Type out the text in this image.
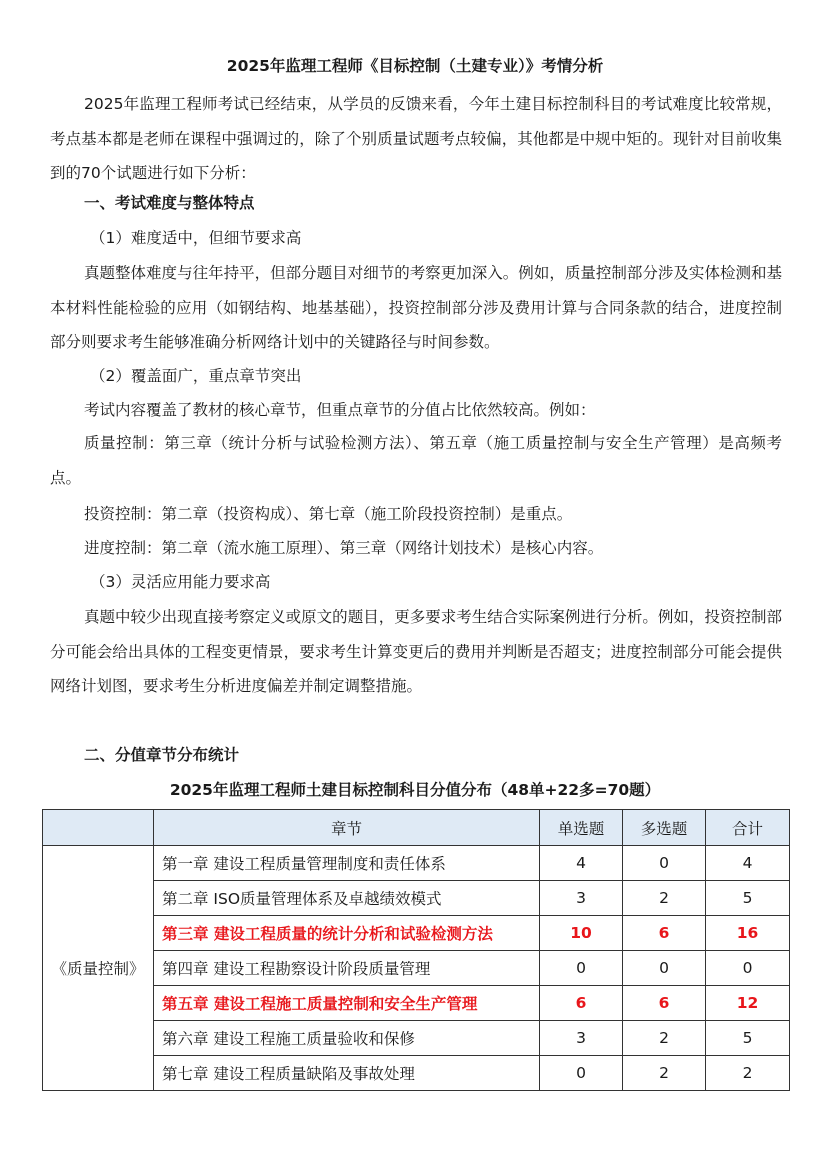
2025年监理工程师《目标控制（土建专业）》考情分析

2025年监理工程师考试已经结束，从学员的反馈来看，今年土建目标控制科目的考试难度比较常规，考点基本都是老师在课程中强调过的，除了个别质量试题考点较偏，其他都是中规中矩的。现针对目前收集到的70个试题进行如下分析：

一、考试难度与整体特点
（1）难度适中，但细节要求高

真题整体难度与往年持平，但部分题目对细节的考察更加深入。例如，质量控制部分涉及实体检测和基本材料性能检验的应用（如钢结构、地基基础），投资控制部分涉及费用计算与合同条款的结合，进度控制部分则要求考生能够准确分析网络计划中的关键路径与时间参数。

（2）覆盖面广，重点章节突出
考试内容覆盖了教材的核心章节，但重点章节的分值占比依然较高。例如：

质量控制：第三章（统计分析与试验检测方法）、第五章（施工质量控制与安全生产管理）是高频考点。

投资控制：第二章（投资构成）、第七章（施工阶段投资控制）是重点。
进度控制：第二章（流水施工原理）、第三章（网络计划技术）是核心内容。
（3）灵活应用能力要求高

真题中较少出现直接考察定义或原文的题目，更多要求考生结合实际案例进行分析。例如，投资控制部分可能会给出具体的工程变更情景，要求考生计算变更后的费用并判断是否超支；进度控制部分可能会提供网络计划图，要求考生分析进度偏差并制定调整措施。

二、分值章节分布统计
2025年监理工程师土建目标控制科目分值分布（48单+22多=70题）
	章节	单选题	多选题	合计
《质量控制》	第一章 建设工程质量管理制度和责任体系	4	0	4
	第二章 ISO质量管理体系及卓越绩效模式	3	2	5
	第三章 建设工程质量的统计分析和试验检测方法	10	6	16
	第四章 建设工程勘察设计阶段质量管理	0	0	0
	第五章 建设工程施工质量控制和安全生产管理	6	6	12
	第六章 建设工程施工质量验收和保修	3	2	5
	第七章 建设工程质量缺陷及事故处理	0	2	2
